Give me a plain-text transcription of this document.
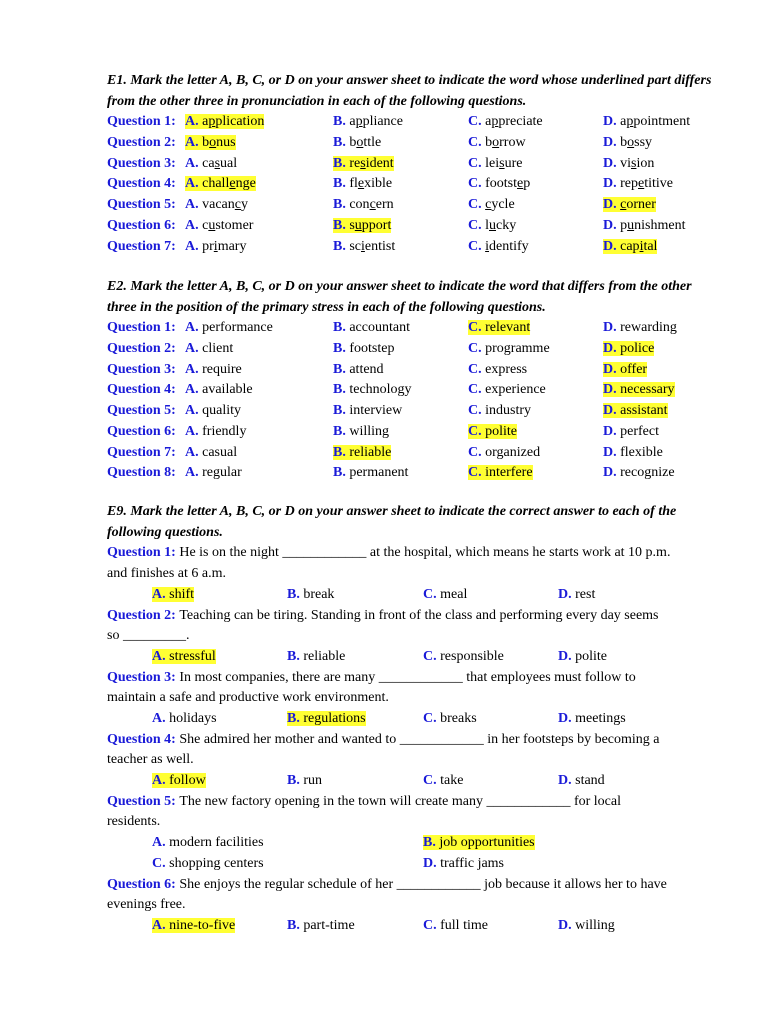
E1. Mark the letter A, B, C, or D on your answer sheet to indicate the word whose underlined part differs from the other three in pronunciation in each of the following questions.

Question 1: A. application	B. appliance	C. appreciate	D. appointment
Question 2: A. bonus	B. bottle	C. borrow	D. bossy
Question 3: A. casual	B. resident	C. leisure	D. vision
Question 4: A. challenge	B. flexible	C. footstep	D. repetitive
Question 5: A. vacancy	B. concern	C. cycle	D. corner
Question 6: A. customer	B. support	C. lucky	D. punishment
Question 7: A. primary	B. scientist	C. identify	D. capital

E2. Mark the letter A, B, C, or D on your answer sheet to indicate the word that differs from the other three in the position of the primary stress in each of the following questions.

Question 1: A. performance	B. accountant	C. relevant	D. rewarding
Question 2: A. client	B. footstep	C. programme	D. police
Question 3: A. require	B. attend	C. express	D. offer
Question 4: A. available	B. technology	C. experience	D. necessary
Question 5: A. quality	B. interview	C. industry	D. assistant
Question 6: A. friendly	B. willing	C. polite	D. perfect
Question 7: A. casual	B. reliable	C. organized	D. flexible
Question 8: A. regular	B. permanent	C. interfere	D. recognize

E9. Mark the letter A, B, C, or D on your answer sheet to indicate the correct answer to each of the following questions.

Question 1: He is on the night ____________ at the hospital, which means he starts work at 10 p.m.
and finishes at 6 a.m.
A. shift	B. break	C. meal	D. rest
Question 2: Teaching can be tiring. Standing in front of the class and performing every day seems
so _________.
A. stressful	B. reliable	C. responsible	D. polite
Question 3: In most companies, there are many ____________ that employees must follow to
maintain a safe and productive work environment.
A. holidays	B. regulations	C. breaks	D. meetings
Question 4: She admired her mother and wanted to ____________ in her footsteps by becoming a
teacher as well.
A. follow	B. run	C. take	D. stand
Question 5: The new factory opening in the town will create many ____________ for local
residents.
A. modern facilities	B. job opportunities
C. shopping centers	D. traffic jams
Question 6: She enjoys the regular schedule of her ____________ job because it allows her to have
evenings free.
A. nine-to-five	B. part-time	C. full time	D. willing
